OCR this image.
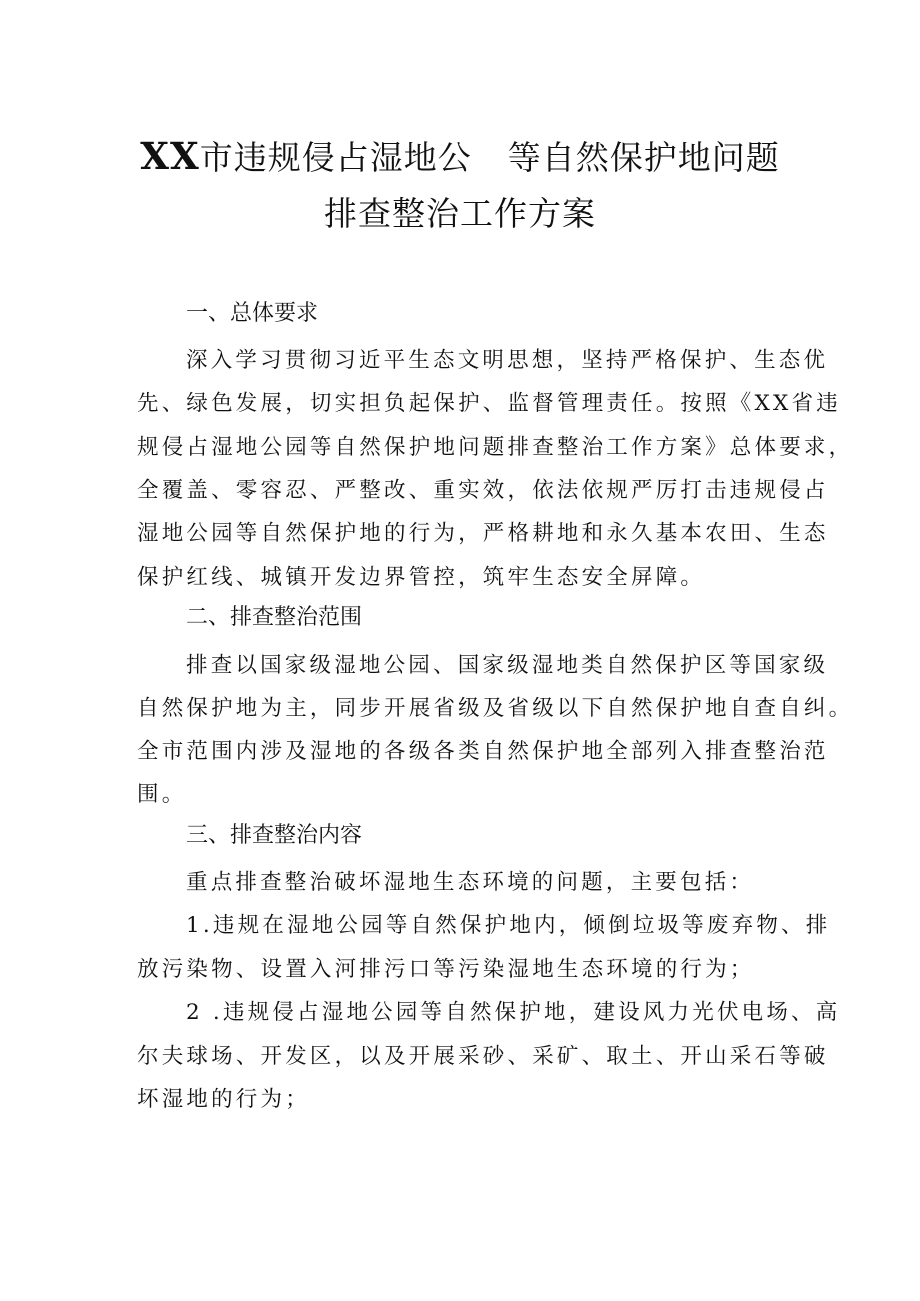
XX市违规侵占湿地公 等自然保护地问题
排查整治工作方案
一、总体要求
深入学习贯彻习近平生态文明思想，坚持严格保护、生态优
先、绿色发展，切实担负起保护、监督管理责任。按照《XX省违
规侵占湿地公园等自然保护地问题排查整治工作方案》总体要求，
全覆盖、零容忍、严整改、重实效，依法依规严厉打击违规侵占
湿地公园等自然保护地的行为，严格耕地和永久基本农田、生态
保护红线、城镇开发边界管控，筑牢生态安全屏障。
二、排查整治范围
排查以国家级湿地公园、国家级湿地类自然保护区等国家级
自然保护地为主，同步开展省级及省级以下自然保护地自查自纠。
全市范围内涉及湿地的各级各类自然保护地全部列入排查整治范
围。
三、排查整治内容
重点排查整治破坏湿地生态环境的问题，主要包括：
1.违规在湿地公园等自然保护地内，倾倒垃圾等废弃物、排
放污染物、设置入河排污口等污染湿地生态环境的行为；
2 .违规侵占湿地公园等自然保护地，建设风力光伏电场、高
尔夫球场、开发区，以及开展采砂、采矿、取土、开山采石等破
坏湿地的行为；
